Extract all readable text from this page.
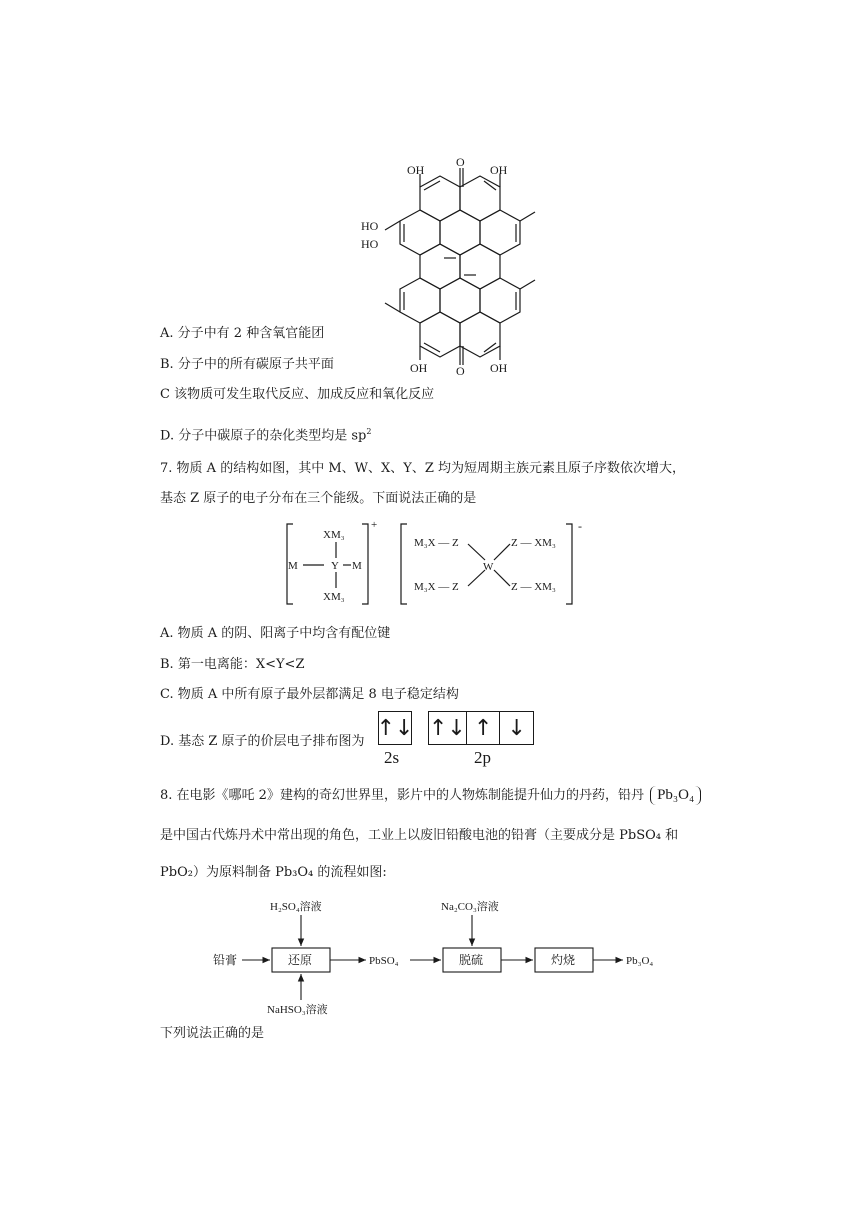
OH	OH
HO
HO
OH	OH
O
O
A. 分子中有 2 种含氧官能团
B. 分子中的所有碳原子共平面
C 该物质可发生取代反应、加成反应和氧化反应
D. 分子中碳原子的杂化类型均是 $sp^2$
7. 物质 A 的结构如图，其中 M、W、X、Y、Z 均为短周期主族元素且原子序数依次增大，
基态 Z 原子的电子分布在三个能级。下面说法正确的是
XM₃
M	Y M
XM₃
+
M₃X — Z	Z — XM₃
W
M₃X — Z	Z — XM₃
-
A. 物质 A 的阴、阳离子中均含有配位键
B. 第一电离能：X<Y<Z
C. 物质 A 中所有原子最外层都满足 8 电子稳定结构
D. 基态 Z 原子的价层电子排布图为
↑↓ ↑↓ ↑ ↓
2s	2p
8. 在电影《哪吒 2》建构的奇幻世界里，影片中的人物炼制能提升仙力的丹药，铅丹 Pb₃O₄
是中国古代炼丹术中常出现的角色，工业上以废旧铅酸电池的铅膏（主要成分是 PbSO₄ 和
PbO₂）为原料制备 Pb₃O₄ 的流程如图:
铅膏
H₂SO₄溶液
NaHSO₃溶液
还原	PbSO₄
Na₂CO₃溶液
脱硫	灼烧	Pb₃O₄
下列说法正确的是
